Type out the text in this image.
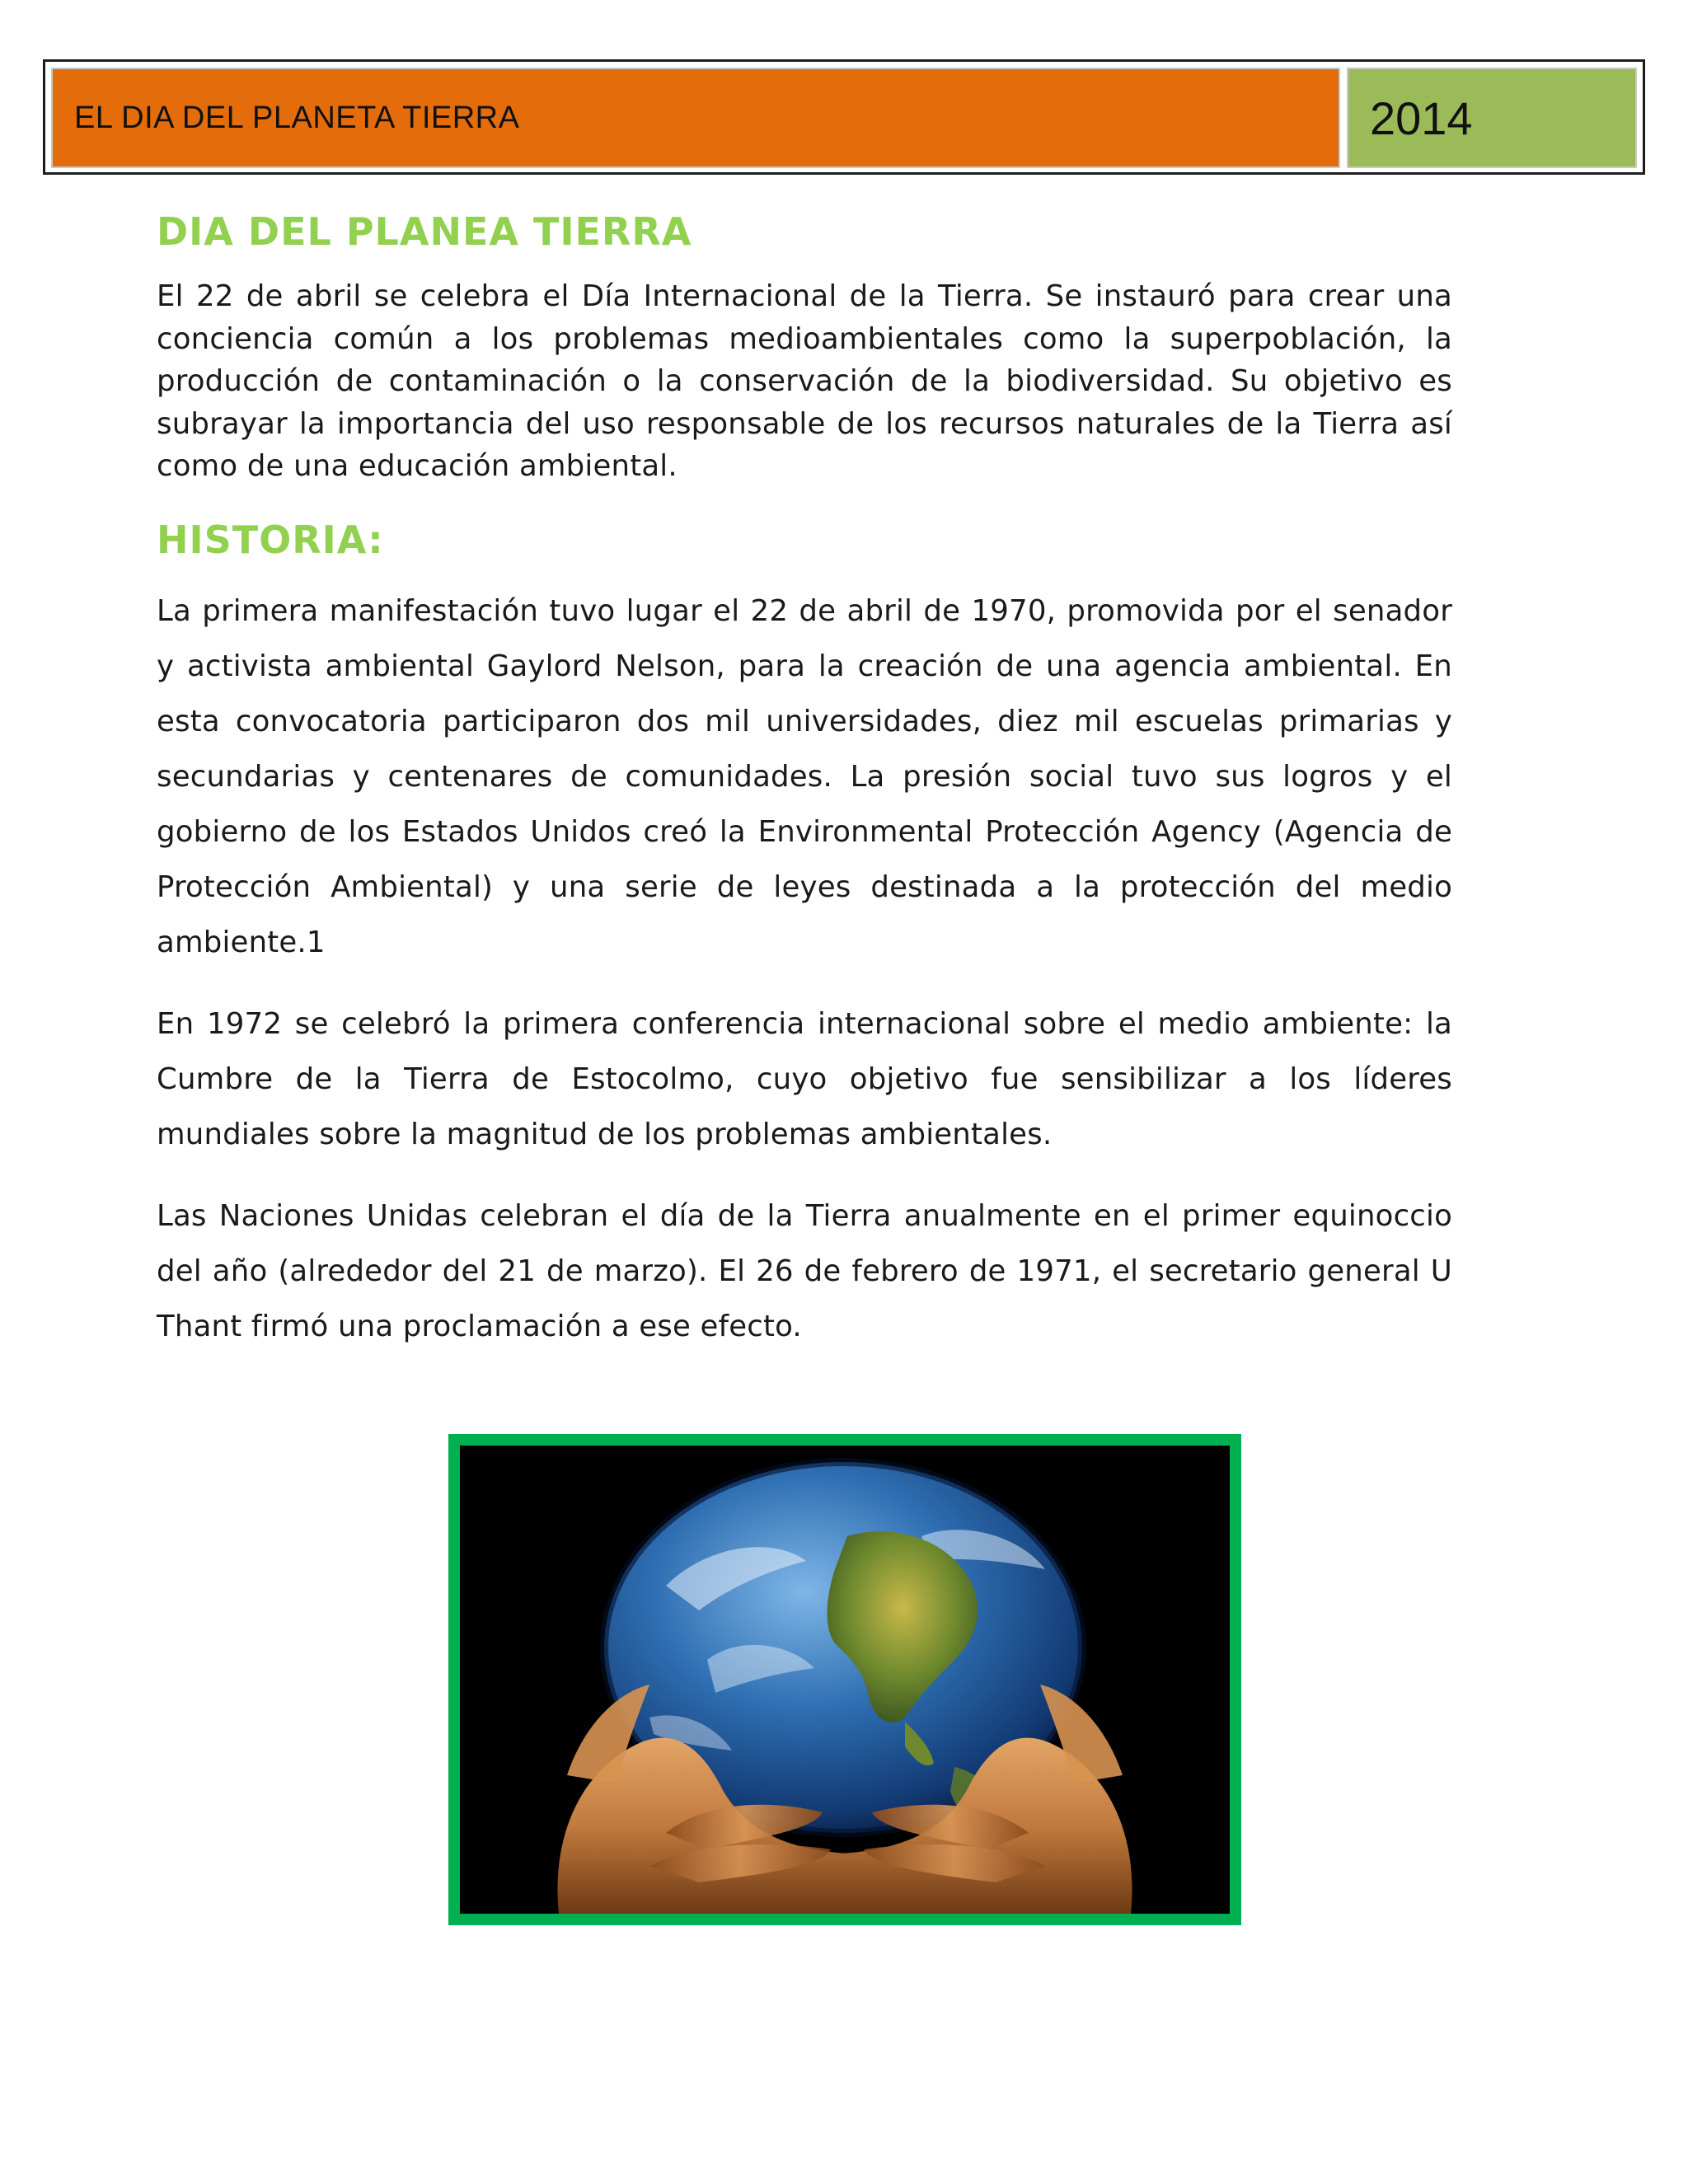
EL DIA DEL PLANETA TIERRA	2014
DIA DEL PLANEA TIERRA

El 22 de abril se celebra el Día Internacional de la Tierra. Se instauró para crear una conciencia común a los problemas medioambientales como la superpoblación, la producción de contaminación o la conservación de la biodiversidad. Su objetivo es subrayar la importancia del uso responsable de los recursos naturales de la Tierra así como de una educación ambiental.

HISTORIA:

La primera manifestación tuvo lugar el 22 de abril de 1970, promovida por el senador y activista ambiental Gaylord Nelson, para la creación de una agencia ambiental. En esta convocatoria participaron dos mil universidades, diez mil escuelas primarias y secundarias y centenares de comunidades. La presión social tuvo sus logros y el gobierno de los Estados Unidos creó la Environmental Protección Agency (Agencia de Protección Ambiental) y una serie de leyes destinada a la protección del medio ambiente.1

En 1972 se celebró la primera conferencia internacional sobre el medio ambiente: la Cumbre de la Tierra de Estocolmo, cuyo objetivo fue sensibilizar a los líderes mundiales sobre la magnitud de los problemas ambientales.

Las Naciones Unidas celebran el día de la Tierra anualmente en el primer equinoccio del año (alrededor del 21 de marzo). El 26 de febrero de 1971, el secretario general U Thant firmó una proclamación a ese efecto.
